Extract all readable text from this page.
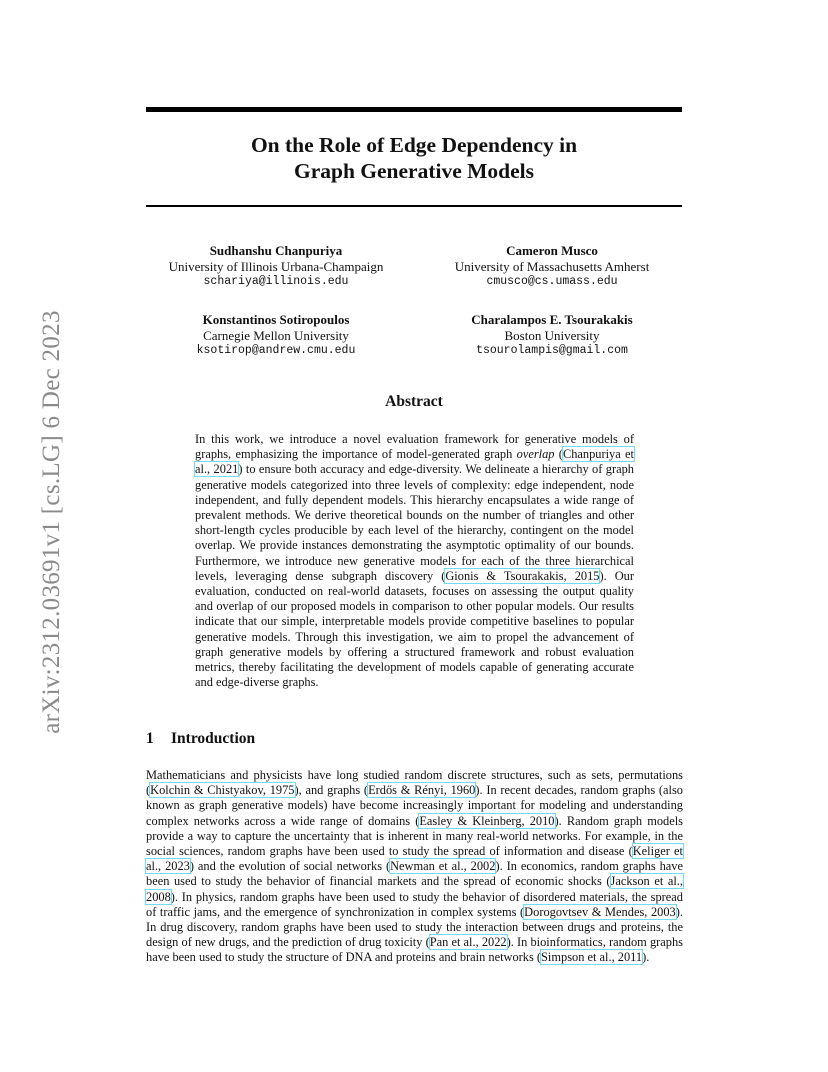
arXiv:2312.03691v1 [cs.LG] 6 Dec 2023
On the Role of Edge Dependency in
Graph Generative Models
Sudhanshu Chanpuriya
University of Illinois Urbana-Champaign
schariya@illinois.edu
Cameron Musco
University of Massachusetts Amherst
cmusco@cs.umass.edu
Konstantinos Sotiropoulos
Carnegie Mellon University
ksotirop@andrew.cmu.edu
Charalampos E. Tsourakakis
Boston University
tsourolampis@gmail.com
Abstract
In this work, we introduce a novel evaluation framework for generative models of graphs, emphasizing the importance of model-generated graph overlap (Chanpuriya et al., 2021) to ensure both accuracy and edge-diversity. We delineate a hierarchy of graph generative models categorized into three levels of complexity: edge independent, node independent, and fully dependent models. This hierarchy encapsulates a wide range of prevalent methods. We derive theoretical bounds on the number of triangles and other short-length cycles producible by each level of the hierarchy, contingent on the model overlap. We provide instances demonstrating the asymptotic optimality of our bounds. Furthermore, we introduce new generative models for each of the three hierarchical levels, leveraging dense subgraph discovery (Gionis & Tsourakakis, 2015). Our evaluation, conducted on real-world datasets, focuses on assessing the output quality and overlap of our proposed models in comparison to other popular models. Our results indicate that our simple, interpretable models provide competitive baselines to popular generative models. Through this investigation, we aim to propel the advancement of graph generative models by offering a structured framework and robust evaluation metrics, thereby facilitating the development of models capable of generating accurate and edge-diverse graphs.
1 Introduction
Mathematicians and physicists have long studied random discrete structures, such as sets, permutations (Kolchin & Chistyakov, 1975), and graphs (Erdős & Rényi, 1960). In recent decades, random graphs (also known as graph generative models) have become increasingly important for modeling and understanding complex networks across a wide range of domains (Easley & Kleinberg, 2010). Random graph models provide a way to capture the uncertainty that is inherent in many real-world networks. For example, in the social sciences, random graphs have been used to study the spread of information and disease (Keliger et al., 2023) and the evolution of social networks (Newman et al., 2002). In economics, random graphs have been used to study the behavior of financial markets and the spread of economic shocks (Jackson et al., 2008). In physics, random graphs have been used to study the behavior of disordered materials, the spread of traffic jams, and the emergence of synchronization in complex systems (Dorogovtsev & Mendes, 2003). In drug discovery, random graphs have been used to study the interaction between drugs and proteins, the design of new drugs, and the prediction of drug toxicity (Pan et al., 2022). In bioinformatics, random graphs have been used to study the structure of DNA and proteins and brain networks (Simpson et al., 2011).
